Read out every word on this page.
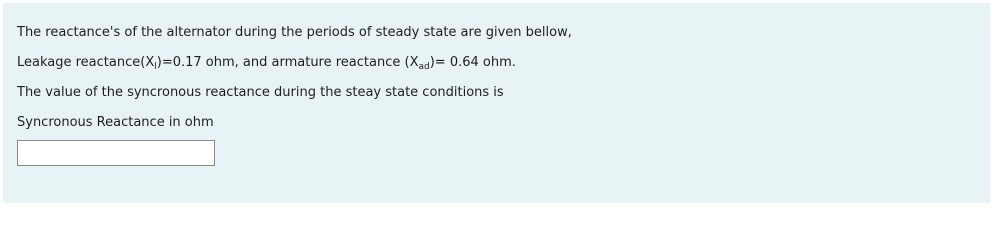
The reactance's of the alternator during the periods of steady state are given bellow,
Leakage $reactance(X_l)=0.17$ ohm, and armature reactance $(X_{ad})= 0.64$ ohm.
The value of the syncronous reactance during the steay state conditions is
Syncronous Reactance in ohm
